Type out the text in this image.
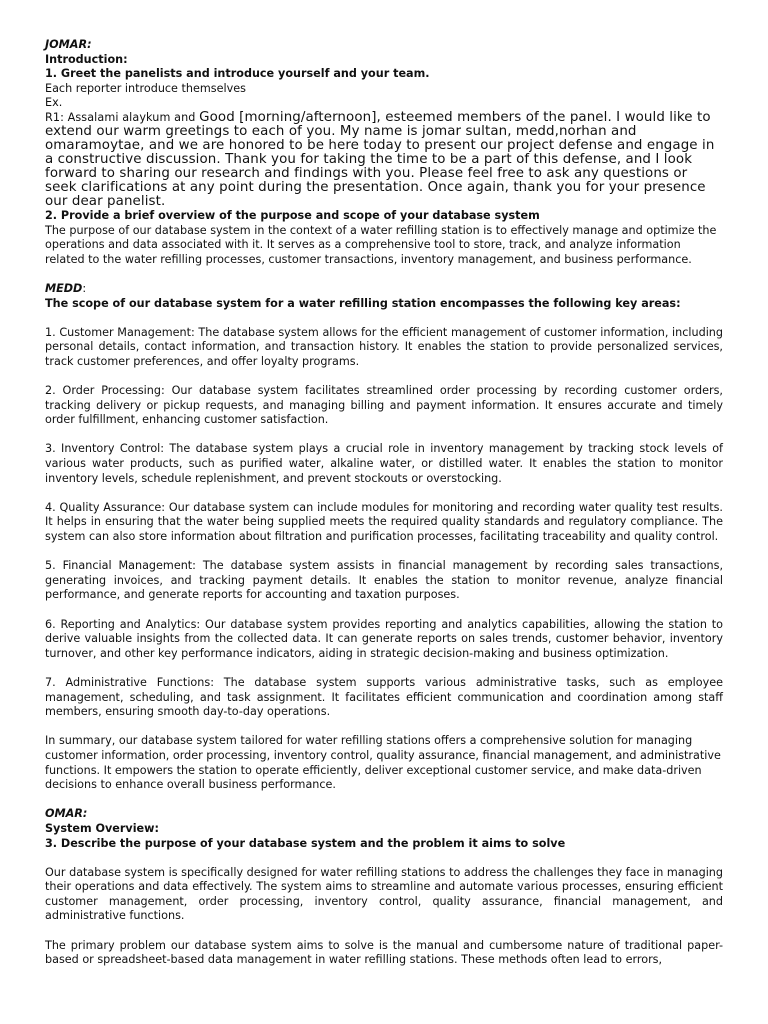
JOMAR:

Introduction:

1. Greet the panelists and introduce yourself and your team.

Each reporter introduce themselves

Ex.

R1: Assalami alaykum and Good [morning/afternoon], esteemed members of the panel. I would like to extend our warm greetings to each of you. My name is jomar sultan, medd,norhan and omaramoytae, and we are honored to be here today to present our project defense and engage in a constructive discussion. Thank you for taking the time to be a part of this defense, and I look forward to sharing our research and findings with you. Please feel free to ask any questions or seek clarifications at any point during the presentation. Once again, thank you for your presence our dear panelist.

2. Provide a brief overview of the purpose and scope of your database system

The purpose of our database system in the context of a water refilling station is to effectively manage and optimize the operations and data associated with it. It serves as a comprehensive tool to store, track, and analyze information related to the water refilling processes, customer transactions, inventory management, and business performance.

MEDD:

The scope of our database system for a water refilling station encompasses the following key areas:

1. Customer Management: The database system allows for the efficient management of customer information, including personal details, contact information, and transaction history. It enables the station to provide personalized services, track customer preferences, and offer loyalty programs.

2. Order Processing: Our database system facilitates streamlined order processing by recording customer orders, tracking delivery or pickup requests, and managing billing and payment information. It ensures accurate and timely order fulfillment, enhancing customer satisfaction.

3. Inventory Control: The database system plays a crucial role in inventory management by tracking stock levels of various water products, such as purified water, alkaline water, or distilled water. It enables the station to monitor inventory levels, schedule replenishment, and prevent stockouts or overstocking.

4. Quality Assurance: Our database system can include modules for monitoring and recording water quality test results. It helps in ensuring that the water being supplied meets the required quality standards and regulatory compliance. The system can also store information about filtration and purification processes, facilitating traceability and quality control.

5. Financial Management: The database system assists in financial management by recording sales transactions, generating invoices, and tracking payment details. It enables the station to monitor revenue, analyze financial performance, and generate reports for accounting and taxation purposes.

6. Reporting and Analytics: Our database system provides reporting and analytics capabilities, allowing the station to derive valuable insights from the collected data. It can generate reports on sales trends, customer behavior, inventory turnover, and other key performance indicators, aiding in strategic decision-making and business optimization.

7. Administrative Functions: The database system supports various administrative tasks, such as employee management, scheduling, and task assignment. It facilitates efficient communication and coordination among staff members, ensuring smooth day-to-day operations.

In summary, our database system tailored for water refilling stations offers a comprehensive solution for managing customer information, order processing, inventory control, quality assurance, financial management, and administrative functions. It empowers the station to operate efficiently, deliver exceptional customer service, and make data-driven decisions to enhance overall business performance.

OMAR:

System Overview:

3. Describe the purpose of your database system and the problem it aims to solve

Our database system is specifically designed for water refilling stations to address the challenges they face in managing their operations and data effectively. The system aims to streamline and automate various processes, ensuring efficient customer management, order processing, inventory control, quality assurance, financial management, and administrative functions.

The primary problem our database system aims to solve is the manual and cumbersome nature of traditional paper-based or spreadsheet-based data management in water refilling stations. These methods often lead to errors,
